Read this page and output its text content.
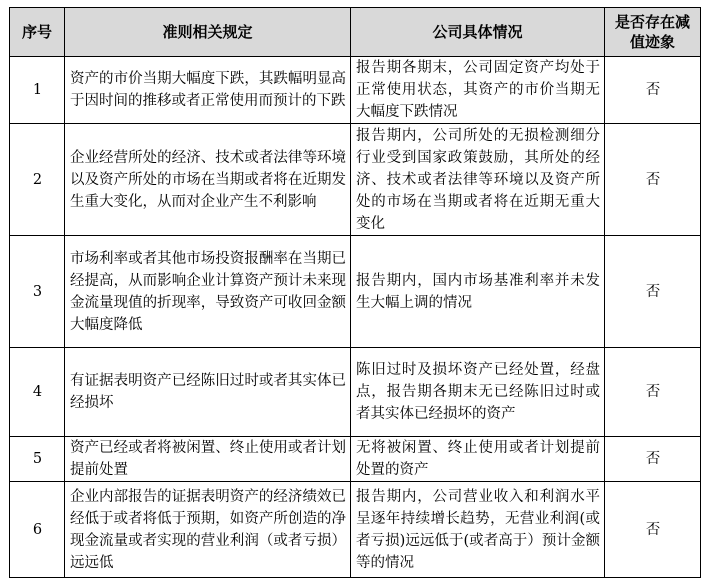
序号	准则相关规定	公司具体情况	是否存在减值迹象
1	资产的市价当期大幅度下跌，其跌幅明显高于因时间的推移或者正常使用而预计的下跌	报告期各期末，公司固定资产均处于正常使用状态，其资产的市价当期无大幅度下跌情况	否
2	企业经营所处的经济、技术或者法律等环境以及资产所处的市场在当期或者将在近期发生重大变化，从而对企业产生不利影响	报告期内，公司所处的无损检测细分行业受到国家政策鼓励，其所处的经济、技术或者法律等环境以及资产所处的市场在当期或者将在近期无重大变化	否
3	市场利率或者其他市场投资报酬率在当期已经提高，从而影响企业计算资产预计未来现金流量现值的折现率，导致资产可收回金额大幅度降低	报告期内，国内市场基准利率并未发生大幅上调的情况	否
4	有证据表明资产已经陈旧过时或者其实体已经损坏	陈旧过时及损坏资产已经处置，经盘点，报告期各期末无已经陈旧过时或者其实体已经损坏的资产	否
5	资产已经或者将被闲置、终止使用或者计划提前处置	无将被闲置、终止使用或者计划提前处置的资产	否
6	企业内部报告的证据表明资产的经济绩效已经低于或者将低于预期，如资产所创造的净现金流量或者实现的营业利润（或者亏损）远远低	报告期内，公司营业收入和利润水平呈逐年持续增长趋势，无营业利润(或者亏损)远远低于(或者高于）预计金额等的情况	否
